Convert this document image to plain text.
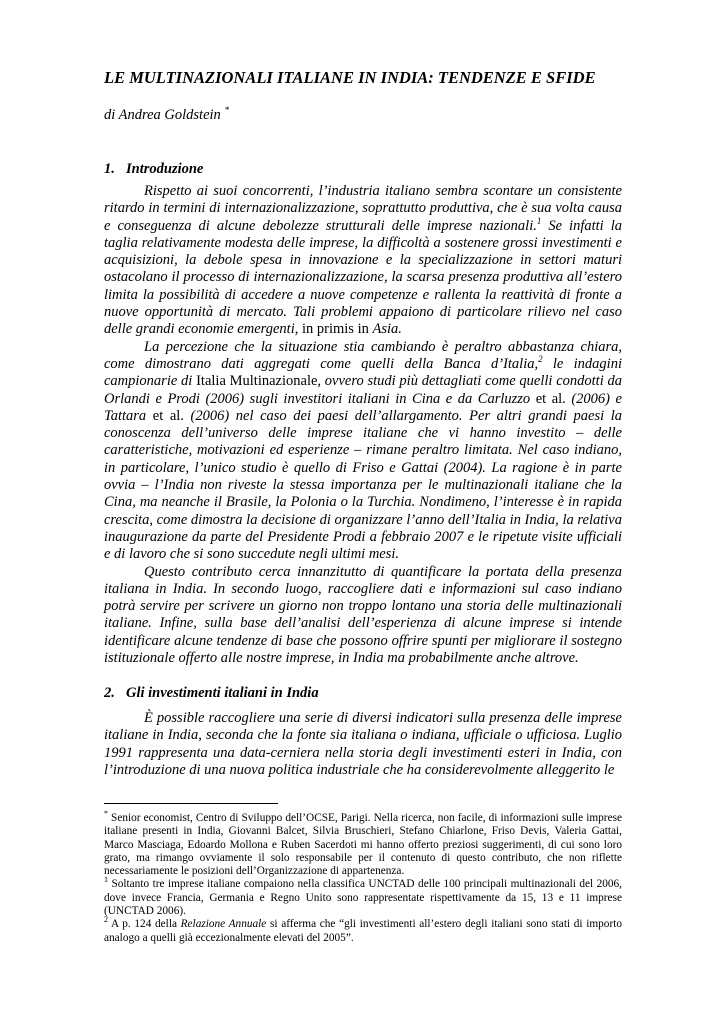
LE MULTINAZIONALI ITALIANE IN INDIA: TENDENZE E SFIDE
di Andrea Goldstein *
1. Introduzione

Rispetto ai suoi concorrenti, l’industria italiano sembra scontare un consistente ritardo in termini di internazionalizzazione, soprattutto produttiva, che è sua volta causa e conseguenza di alcune debolezze strutturali delle imprese nazionali.$^1$ Se infatti la taglia relativamente modesta delle imprese, la difficoltà a sostenere grossi investimenti e acquisizioni, la debole spesa in innovazione e la specializzazione in settori maturi ostacolano il processo di internazionalizzazione, la scarsa presenza produttiva all’estero limita la possibilità di accedere a nuove competenze e rallenta la reattività di fronte a nuove opportunità di mercato. Tali problemi appaiono di particolare rilievo nel caso delle grandi economie emergenti, in primis in Asia.

La percezione che la situazione stia cambiando è peraltro abbastanza chiara, come dimostrano dati aggregati come quelli della Banca d’Italia,$^2$ le indagini campionarie di Italia Multinazionale, ovvero studi più dettagliati come quelli condotti da Orlandi e Prodi (2006) sugli investitori italiani in Cina e da Carluzzo et al. (2006) e Tattara et al. (2006) nel caso dei paesi dell’allargamento. Per altri grandi paesi la conoscenza dell’universo delle imprese italiane che vi hanno investito – delle caratteristiche, motivazioni ed esperienze – rimane peraltro limitata. Nel caso indiano, in particolare, l’unico studio è quello di Friso e Gattai (2004). La ragione è in parte ovvia – l’India non riveste la stessa importanza per le multinazionali italiane che la Cina, ma neanche il Brasile, la Polonia o la Turchia. Nondimeno, l’interesse è in rapida crescita, come dimostra la decisione di organizzare l’anno dell’Italia in India, la relativa inaugurazione da parte del Presidente Prodi a febbraio 2007 e le ripetute visite ufficiali e di lavoro che si sono succedute negli ultimi mesi.

Questo contributo cerca innanzitutto di quantificare la portata della presenza italiana in India. In secondo luogo, raccogliere dati e informazioni sul caso indiano potrà servire per scrivere un giorno non troppo lontano una storia delle multinazionali italiane. Infine, sulla base dell’analisi dell’esperienza di alcune imprese si intende identificare alcune tendenze di base che possono offrire spunti per migliorare il sostegno istituzionale offerto alle nostre imprese, in India ma probabilmente anche altrove.

2. Gli investimenti italiani in India

È possible raccogliere una serie di diversi indicatori sulla presenza delle imprese italiane in India, seconda che la fonte sia italiana o indiana, ufficiale o ufficiosa. Luglio 1991 rappresenta una data-cerniera nella storia degli investimenti esteri in India, con l’introduzione di una nuova politica industriale che ha considerevolmente alleggerito le

* Senior economist, Centro di Sviluppo dell’OCSE, Parigi. Nella ricerca, non facile, di informazioni sulle imprese italiane presenti in India, Giovanni Balcet, Silvia Bruschieri, Stefano Chiarlone, Friso Devis, Valeria Gattai, Marco Masciaga, Edoardo Mollona e Ruben Sacerdoti mi hanno offerto preziosi suggerimenti, di cui sono loro grato, ma rimango ovviamente il solo responsabile per il contenuto di questo contributo, che non riflette necessariamente le posizioni dell’Organizzazione di appartenenza.

$^1$ Soltanto tre imprese italiane compaiono nella classifica UNCTAD delle 100 principali multinazionali del 2006, dove invece Francia, Germania e Regno Unito sono rappresentate rispettivamente da 15, 13 e 11 imprese (UNCTAD 2006).

$^2$ A p. 124 della Relazione Annuale si afferma che “gli investimenti all’estero degli italiani sono stati di importo analogo a quelli già eccezionalmente elevati del 2005”.
